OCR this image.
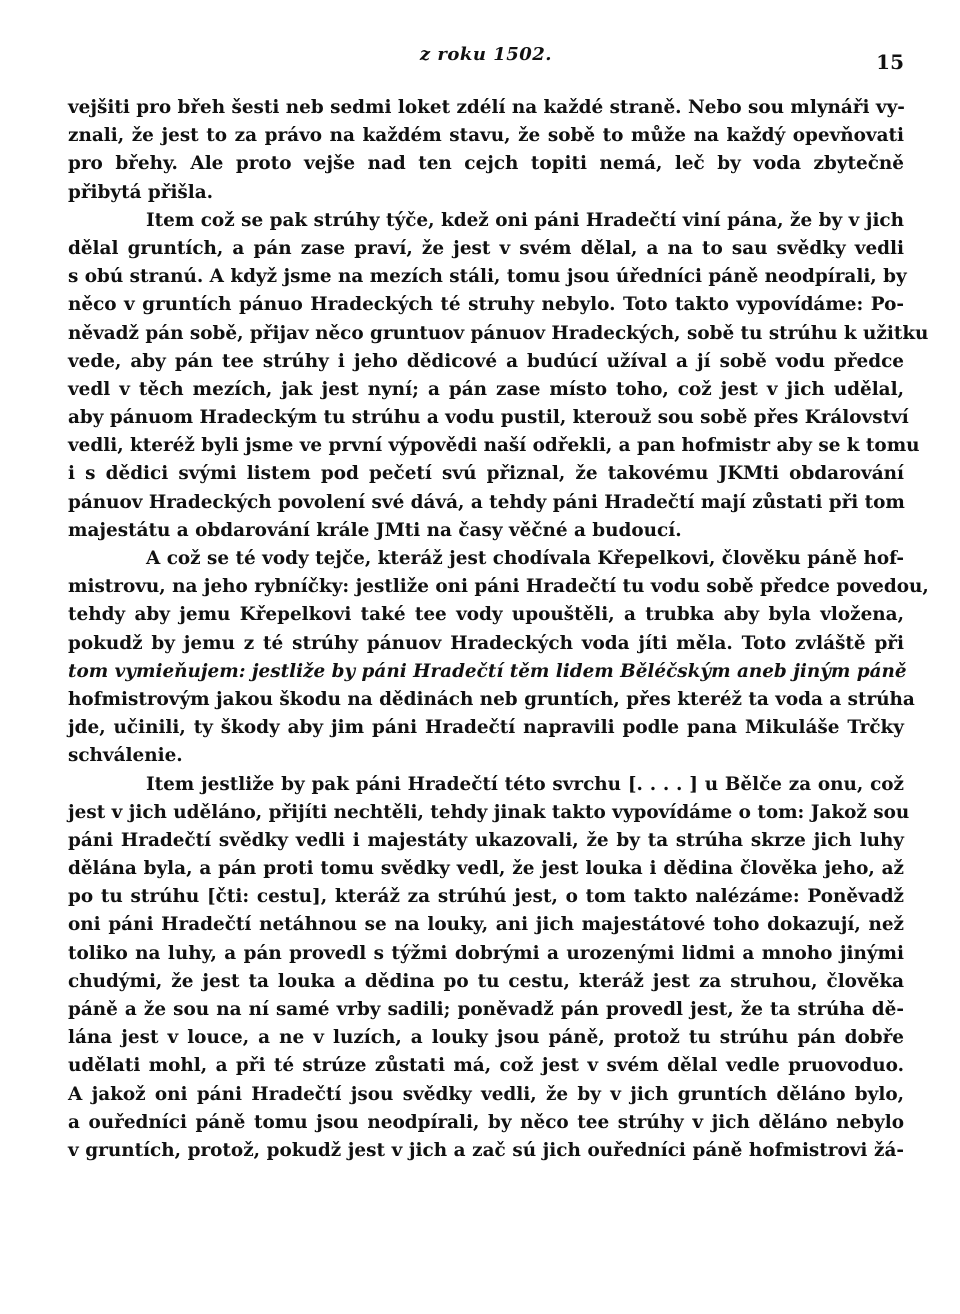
z roku 1502.	15
vejšiti pro břeh šesti neb sedmi loket zdélí na každé straně. Nebo sou mlynáři vy-
znali, že jest to za právo na každém stavu, že sobě to může na každý opevňovati
pro břehy. Ale proto vejše nad ten cejch topiti nemá, leč by voda zbytečně
přibytá přišla.
Item což se pak strúhy týče, kdež oni páni Hradečtí viní pána, že by v jich
dělal gruntích, a pán zase praví, že jest v svém dělal, a na to sau svědky vedli
s obú stranú. A když jsme na mezích stáli, tomu jsou úředníci páně neodpírali, by
něco v gruntích pánuo Hradeckých té struhy nebylo. Toto takto vypovídáme: Po-
něvadž pán sobě, přijav něco gruntuov pánuov Hradeckých, sobě tu strúhu k užitku
vede, aby pán tee strúhy i jeho dědicové a budúcí užíval a jí sobě vodu předce
vedl v těch mezích, jak jest nyní; a pán zase místo toho, což jest v jich udělal,
aby pánuom Hradeckým tu strúhu a vodu pustil, kterouž sou sobě přes Království
vedli, kteréž byli jsme ve první výpovědi naší odřekli, a pan hofmistr aby se k tomu
i s dědici svými listem pod pečetí svú přiznal, že takovému JKMti obdarování
pánuov Hradeckých povolení své dává, a tehdy páni Hradečtí mají zůstati při tom
majestátu a obdarování krále JMti na časy věčné a budoucí.
A což se té vody tejče, kteráž jest chodívala Křepelkovi, člověku páně hof-
mistrovu, na jeho rybníčky: jestliže oni páni Hradečtí tu vodu sobě předce povedou,
tehdy aby jemu Křepelkovi také tee vody upouštěli, a trubka aby byla vložena,
pokudž by jemu z té strúhy pánuov Hradeckých voda jíti měla. Toto zvláště při
tom vymieňujem: jestliže by páni Hradečtí těm lidem Běléčským aneb jiným páně
hofmistrovým jakou škodu na dědinách neb gruntích, přes kteréž ta voda a strúha
jde, učinili, ty škody aby jim páni Hradečtí napravili podle pana Mikuláše Trčky
schválenie.
Item jestliže by pak páni Hradečtí této svrchu [. . . . ] u Bělče za onu, což
jest v jich uděláno, přijíti nechtěli, tehdy jinak takto vypovídáme o tom: Jakož sou
páni Hradečtí svědky vedli i majestáty ukazovali, že by ta strúha skrze jich luhy
dělána byla, a pán proti tomu svědky vedl, že jest louka i dědina člověka jeho, až
po tu strúhu [čti: cestu], kteráž za strúhú jest, o tom takto nalézáme: Poněvadž
oni páni Hradečtí netáhnou se na louky, ani jich majestátové toho dokazují, než
toliko na luhy, a pán provedl s týžmi dobrými a urozenými lidmi a mnoho jinými
chudými, že jest ta louka a dědina po tu cestu, kteráž jest za struhou, člověka
páně a že sou na ní samé vrby sadili; poněvadž pán provedl jest, že ta strúha dě-
lána jest v louce, a ne v luzích, a louky jsou páně, protož tu strúhu pán dobře
udělati mohl, a při té strúze zůstati má, což jest v svém dělal vedle pruovoduo.
A jakož oni páni Hradečtí jsou svědky vedli, že by v jich gruntích děláno bylo,
a ouředníci páně tomu jsou neodpírali, by něco tee strúhy v jich děláno nebylo
v gruntích, protož, pokudž jest v jich a zač sú jich ouředníci páně hofmistrovi žá-
